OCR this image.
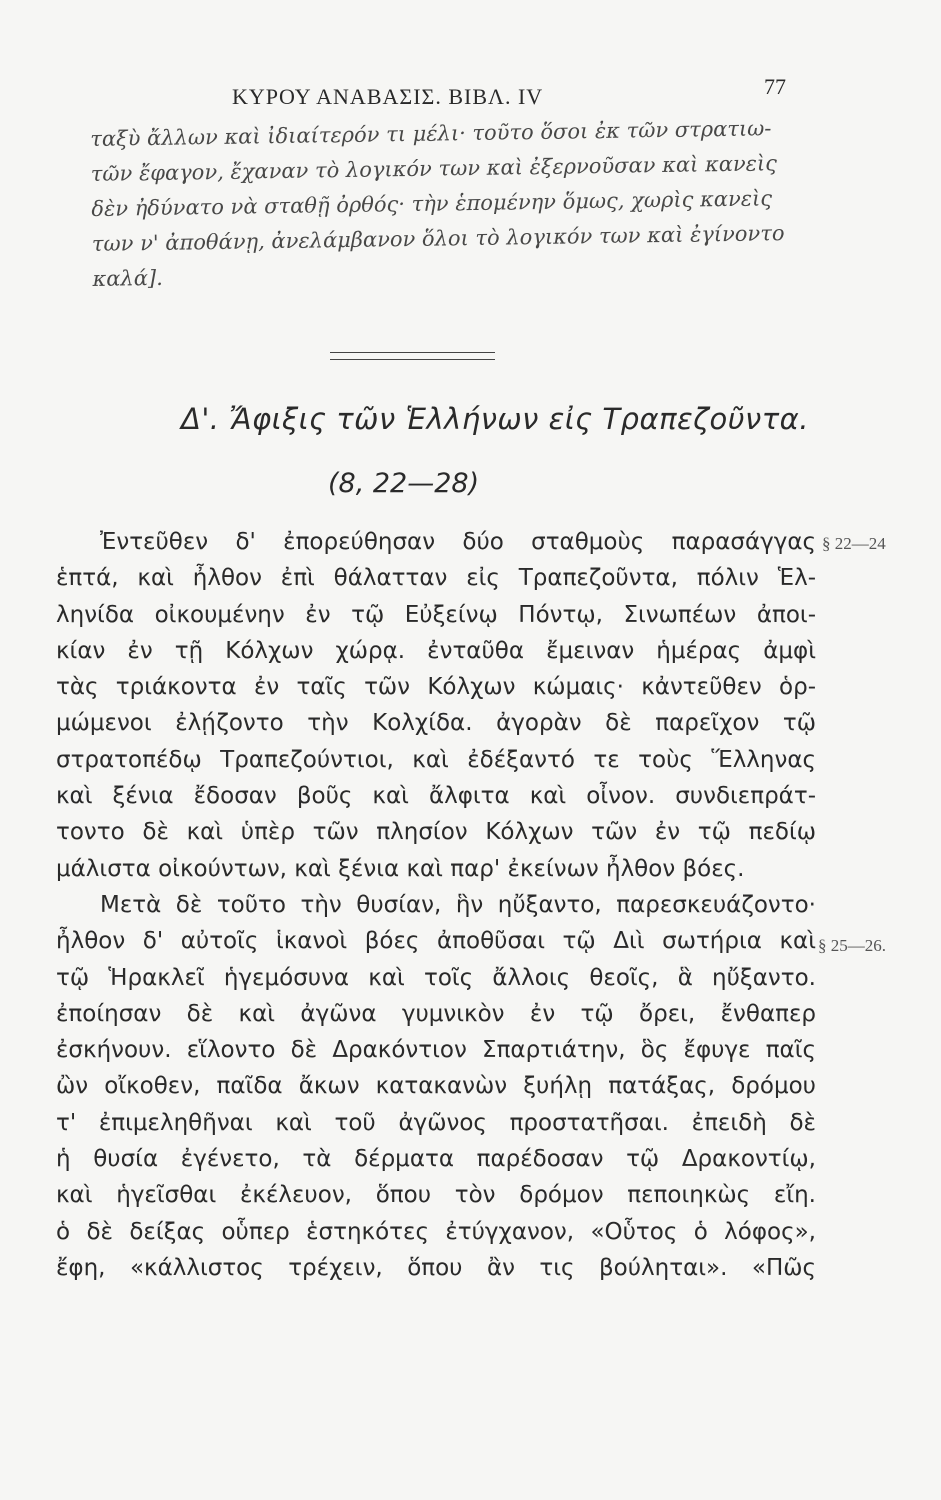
ΚΥΡΟΥ ΑΝΑΒΑΣΙΣ. ΒΙΒΛ. IV	77
ταξὺ ἄλλων καὶ ἰδιαίτερόν τι μέλι· τοῦτο ὅσοι ἐκ τῶν στρατιω-
τῶν ἔφαγον, ἔχαναν τὸ λογικόν των καὶ ἐξερνοῦσαν καὶ κανεὶς
δὲν ἠδύνατο νὰ σταθῇ ὀρθός· τὴν ἑπομένην ὅμως, χωρὶς κανεὶς
των ν' ἀποθάνῃ, ἀνελάμβανον ὅλοι τὸ λογικόν των καὶ ἐγίνοντο
καλά].
Δ'. Ἄφιξις τῶν Ἑλλήνων εἰς Τραπεζοῦντα.
(8, 22—28)
Ἐντεῦθεν δ' ἐπορεύθησαν δύο σταθμοὺς παρασάγγας
ἑπτά, καὶ ἦλθον ἐπὶ θάλατταν εἰς Τραπεζοῦντα, πόλιν Ἑλ-
ληνίδα οἰκουμένην ἐν τῷ Εὐξείνῳ Πόντῳ, Σινωπέων ἀποι-
κίαν ἐν τῇ Κόλχων χώρᾳ. ἐνταῦθα ἔμειναν ἡμέρας ἀμφὶ
τὰς τριάκοντα ἐν ταῖς τῶν Κόλχων κώμαις· κἀντεῦθεν ὁρ-
μώμενοι ἐλῄζοντο τὴν Κολχίδα. ἀγορὰν δὲ παρεῖχον τῷ
στρατοπέδῳ Τραπεζούντιοι, καὶ ἐδέξαντό τε τοὺς Ἕλληνας
καὶ ξένια ἔδοσαν βοῦς καὶ ἄλφιτα καὶ οἶνον. συνδιεπράτ-
τοντο δὲ καὶ ὑπὲρ τῶν πλησίον Κόλχων τῶν ἐν τῷ πεδίῳ
μάλιστα οἰκούντων, καὶ ξένια καὶ παρ' ἐκείνων ἦλθον βόες.
Μετὰ δὲ τοῦτο τὴν θυσίαν, ἣν ηὔξαντο, παρεσκευάζοντο·
ἦλθον δ' αὐτοῖς ἱκανοὶ βόες ἀποθῦσαι τῷ Διὶ σωτήρια καὶ
τῷ Ἡρακλεῖ ἡγεμόσυνα καὶ τοῖς ἄλλοις θεοῖς, ἃ ηὔξαντο.
ἐποίησαν δὲ καὶ ἀγῶνα γυμνικὸν ἐν τῷ ὄρει, ἔνθαπερ
ἐσκήνουν. εἵλοντο δὲ Δρακόντιον Σπαρτιάτην, ὃς ἔφυγε παῖς
ὢν οἴκοθεν, παῖδα ἄκων κατακανὼν ξυήλῃ πατάξας, δρόμου
τ' ἐπιμεληθῆναι καὶ τοῦ ἀγῶνος προστατῆσαι. ἐπειδὴ δὲ
ἡ θυσία ἐγένετο, τὰ δέρματα παρέδοσαν τῷ Δρακοντίῳ,
καὶ ἡγεῖσθαι ἐκέλευον, ὅπου τὸν δρόμον πεποιηκὼς εἴη.
ὁ δὲ δείξας οὗπερ ἑστηκότες ἐτύγχανον, «Οὗτος ὁ λόφος»,
ἔφη, «κάλλιστος τρέχειν, ὅπου ἂν τις βούληται». «Πῶς
§ 22—24
§ 25—26.
